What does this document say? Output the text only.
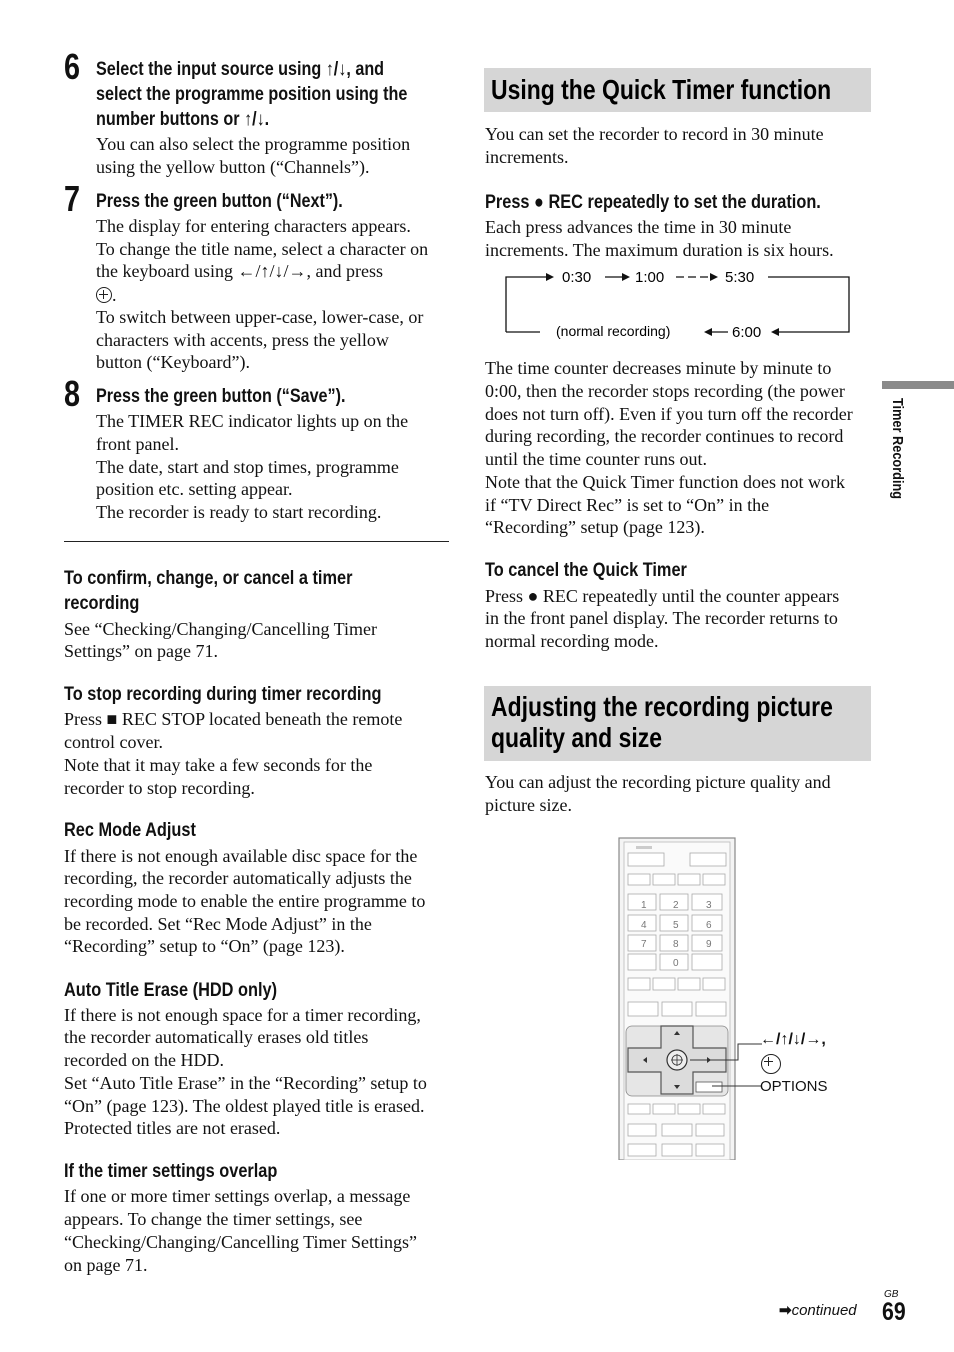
6 Select the input source using ↑/↓, and
select the programme position using the
number buttons or ↑/↓.
You can also select the programme position
using the yellow button (“Channels”).
7 Press the green button (“Next”).
The display for entering characters appears.
To change the title name, select a character on
the keyboard using ←/↑/↓/→, and press
.
To switch between upper-case, lower-case, or
characters with accents, press the yellow
button (“Keyboard”).
8 Press the green button (“Save”).
The TIMER REC indicator lights up on the
front panel.
The date, start and stop times, programme
position etc. setting appear.
The recorder is ready to start recording.
To confirm, change, or cancel a timer
recording
See “Checking/Changing/Cancelling Timer
Settings” on page 71.
To stop recording during timer recording
Press ■ REC STOP located beneath the remote
control cover.
Note that it may take a few seconds for the
recorder to stop recording.
Rec Mode Adjust
If there is not enough available disc space for the
recording, the recorder automatically adjusts the
recording mode to enable the entire programme to
be recorded. Set “Rec Mode Adjust” in the
“Recording” setup to “On” (page 123).
Auto Title Erase (HDD only)
If there is not enough space for a timer recording,
the recorder automatically erases old titles
recorded on the HDD.
Set “Auto Title Erase” in the “Recording” setup to
“On” (page 123). The oldest played title is erased.
Protected titles are not erased.
If the timer settings overlap
If one or more timer settings overlap, a message
appears. To change the timer settings, see
“Checking/Changing/Cancelling Timer Settings”
on page 71.
Using the Quick Timer function
You can set the recorder to record in 30 minute
increments.
Press ● REC repeatedly to set the duration.
Each press advances the time in 30 minute
increments. The maximum duration is six hours.
0:30	1:00	5:30
6:00
(normal recording)
The time counter decreases minute by minute to
0:00, then the recorder stops recording (the power
does not turn off). Even if you turn off the recorder
during recording, the recorder continues to record
until the time counter runs out.
Note that the Quick Timer function does not work
if “TV Direct Rec” is set to “On” in the
“Recording” setup (page 123).
To cancel the Quick Timer
Press ● REC repeatedly until the counter appears
in the front panel display. The recorder returns to
normal recording mode.
Adjusting the recording picture
quality and size
You can adjust the recording picture quality and
picture size.
1	2	3
4	5	6
7	8	9
0
←/↑/↓/→,
OPTIONS
Timer Recording
➡continued
GB
69
